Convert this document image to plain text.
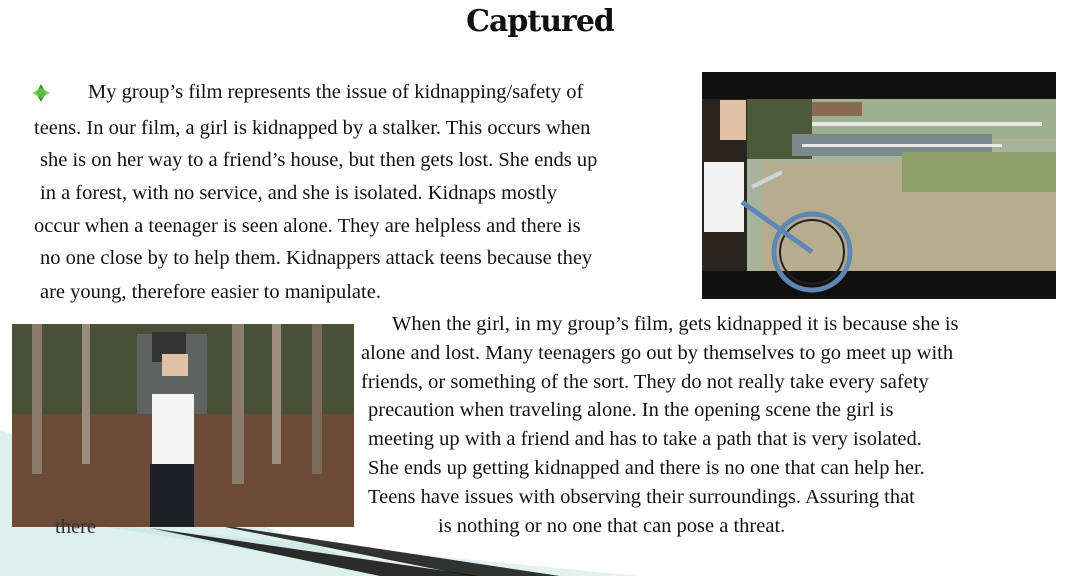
Captured
My group’s film represents the issue of kidnapping/safety of
teens. In our film, a girl is kidnapped by a stalker. This occurs when
she is on her way to a friend’s house, but then gets lost. She ends up
in a forest, with no service, and she is isolated. Kidnaps mostly
occur when a teenager is seen alone. They are helpless and there is
no one close by to help them. Kidnappers attack teens because they
are young, therefore easier to manipulate.
When the girl, in my group’s film, gets kidnapped it is because she is
alone and lost. Many teenagers go out by themselves to go meet up with
friends, or something of the sort. They do not really take every safety
precaution when traveling alone. In the opening scene the girl is
meeting up with a friend and has to take a path that is very isolated.
She ends up getting kidnapped and there is no one that can help her.
Teens have issues with observing their surroundings. Assuring that
is nothing or no one that can pose a threat.
there
